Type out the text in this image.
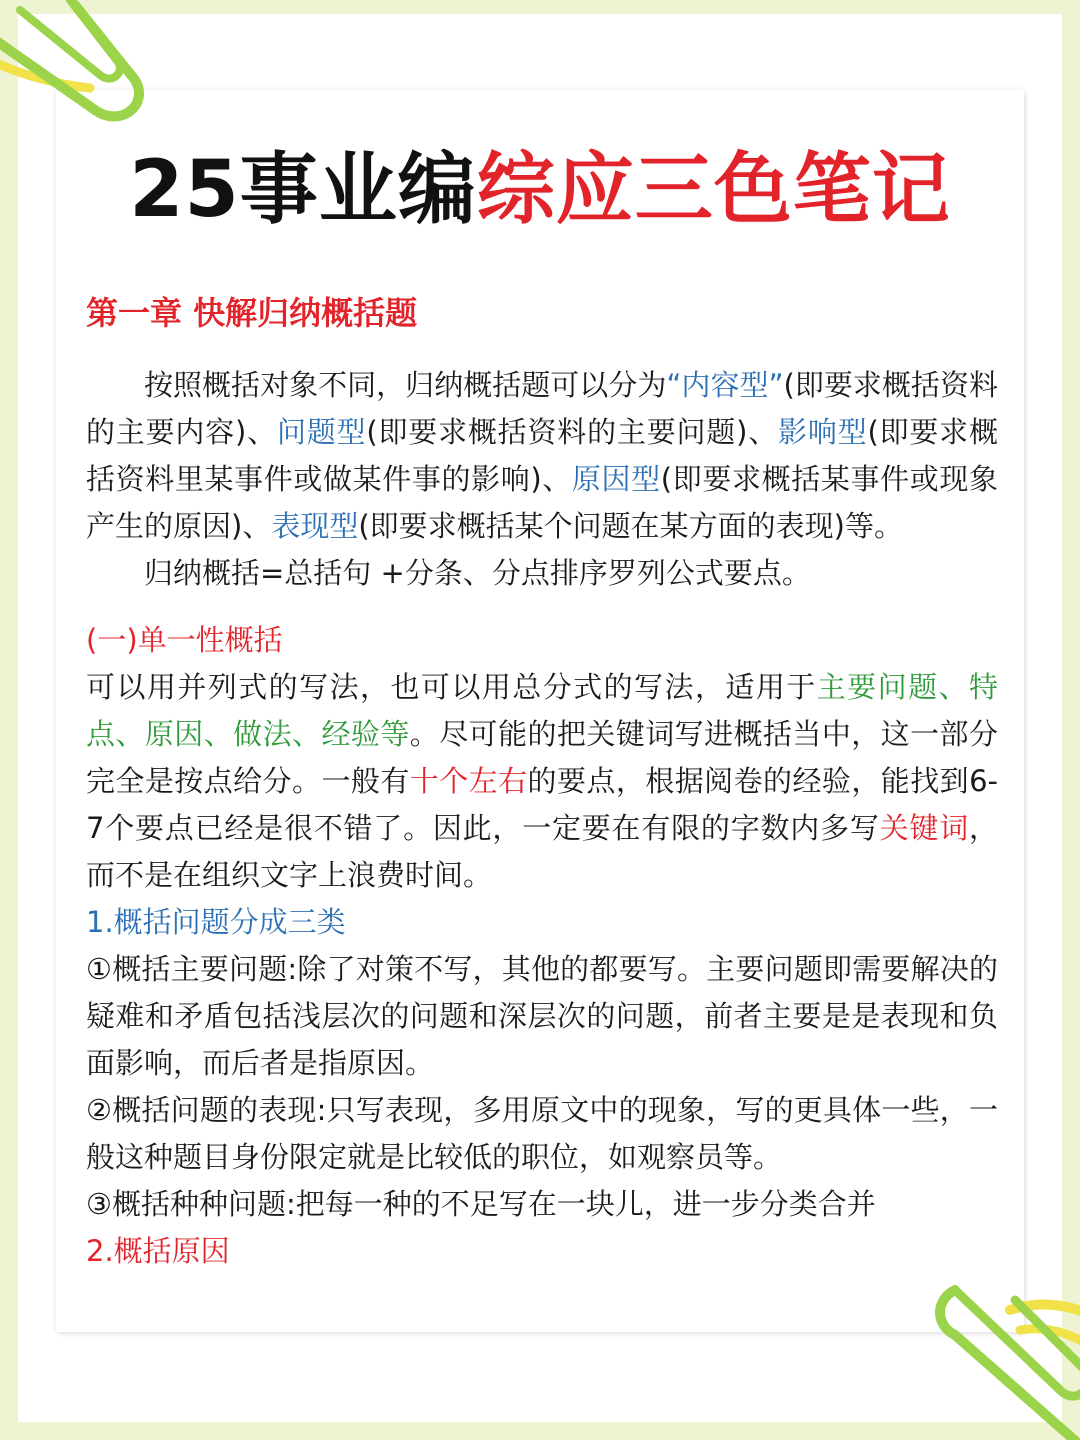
25事业编综应三色笔记
第一章 快解归纳概括题

按照概括对象不同，归纳概括题可以分为“内容型”(即要求概括资料的主要内容)、问题型(即要求概括资料的主要问题)、影响型(即要求概括资料里某事件或做某件事的影响)、原因型(即要求概括某事件或现象产生的原因)、表现型(即要求概括某个问题在某方面的表现)等。

归纳概括=总括句 +分条、分点排序罗列公式要点。

(一)单一性概括

可以用并列式的写法，也可以用总分式的写法，适用于主要问题、特点、原因、做法、经验等。尽可能的把关键词写进概括当中，这一部分完全是按点给分。一般有十个左右的要点，根据阅卷的经验，能找到6-7个要点已经是很不错了。因此，一定要在有限的字数内多写关键词，而不是在组织文字上浪费时间。

1.概括问题分成三类

①概括主要问题:除了对策不写，其他的都要写。主要问题即需要解决的疑难和矛盾包括浅层次的问题和深层次的问题，前者主要是是表现和负面影响，而后者是指原因。

②概括问题的表现:只写表现，多用原文中的现象，写的更具体一些，一般这种题目身份限定就是比较低的职位，如观察员等。

③概括种种问题:把每一种的不足写在一块儿，进一步分类合并

2.概括原因
